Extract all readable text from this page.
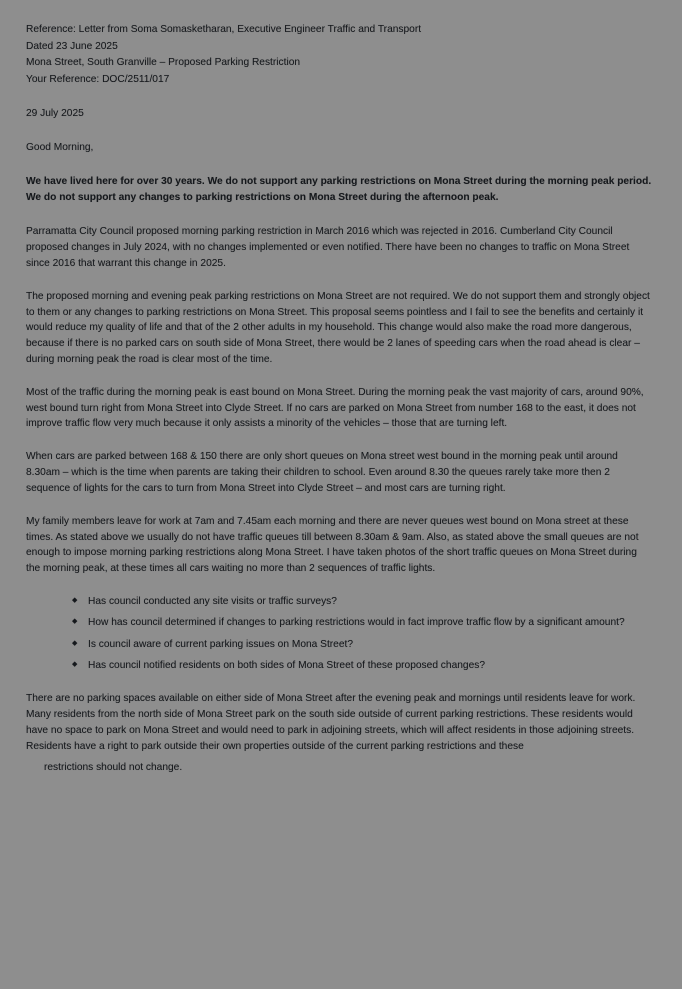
Reference: Letter from Soma Somasketharan, Executive Engineer Traffic and Transport
Dated 23 June 2025
Mona Street, South Granville – Proposed Parking Restriction
Your Reference: DOC/2511/017
29 July 2025
Good Morning,
We have lived here for over 30 years. We do not support any parking restrictions on Mona Street during the morning peak period. We do not support any changes to parking restrictions on Mona Street during the afternoon peak.
Parramatta City Council proposed morning parking restriction in March 2016 which was rejected in 2016. Cumberland City Council proposed changes in July 2024, with no changes implemented or even notified. There have been no changes to traffic on Mona Street since 2016 that warrant this change in 2025.
The proposed morning and evening peak parking restrictions on Mona Street are not required. We do not support them and strongly object to them or any changes to parking restrictions on Mona Street. This proposal seems pointless and I fail to see the benefits and certainly it would reduce my quality of life and that of the 2 other adults in my household. This change would also make the road more dangerous, because if there is no parked cars on south side of Mona Street, there would be 2 lanes of speeding cars when the road ahead is clear – during morning peak the road is clear most of the time.
Most of the traffic during the morning peak is east bound on Mona Street. During the morning peak the vast majority of cars, around 90%, west bound turn right from Mona Street into Clyde Street. If no cars are parked on Mona Street from number 168 to the east, it does not improve traffic flow very much because it only assists a minority of the vehicles – those that are turning left.
When cars are parked between 168 & 150 there are only short queues on Mona street west bound in the morning peak until around 8.30am – which is the time when parents are taking their children to school. Even around 8.30 the queues rarely take more then 2 sequence of lights for the cars to turn from Mona Street into Clyde Street – and most cars are turning right.
My family members leave for work at 7am and 7.45am each morning and there are never queues west bound on Mona street at these times. As stated above we usually do not have traffic queues till between 8.30am & 9am. Also, as stated above the small queues are not enough to impose morning parking restrictions along Mona Street. I have taken photos of the short traffic queues on Mona Street during the morning peak, at these times all cars waiting no more than 2 sequences of traffic lights.
◆ Has council conducted any site visits or traffic surveys?
◆ How has council determined if changes to parking restrictions would in fact improve traffic flow by a significant amount?
◆ Is council aware of current parking issues on Mona Street?
◆ Has council notified residents on both sides of Mona Street of these proposed changes?
There are no parking spaces available on either side of Mona Street after the evening peak and mornings until residents leave for work. Many residents from the north side of Mona Street park on the south side outside of current parking restrictions. These residents would have no space to park on Mona Street and would need to park in adjoining streets, which will affect residents in those adjoining streets. Residents have a right to park outside their own properties outside of the current parking restrictions and these
restrictions should not change.
